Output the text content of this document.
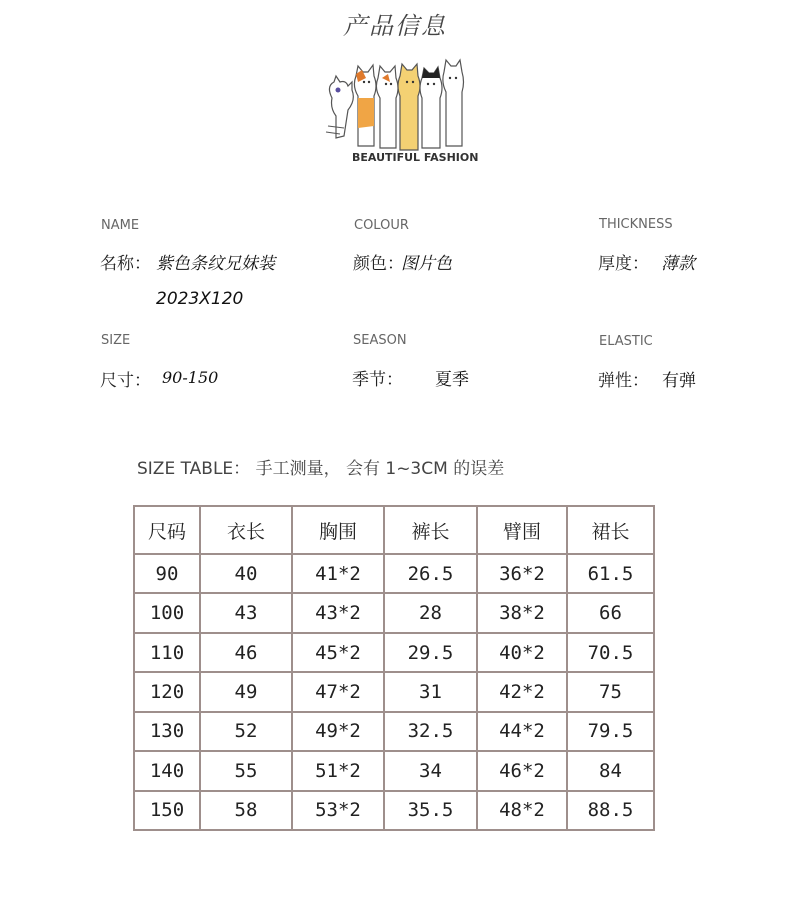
产品信息
BEAUTIFUL FASHION
NAME
名称： 紫色条纹兄妹装
2023X120
COLOUR
颜色：
图片色
THICKNESS
厚度： 薄款
SIZE
尺寸： 90-150
SEASON
季节： 夏季
ELASTIC
弹性： 有弹
SIZE TABLE： 手工测量， 会有 1~3CM 的误差
尺码	衣长	胸围	裤长	臂围	裙长
90	40	41*2	26.5	36*2	61.5
100	43	43*2	28	38*2	66
110	46	45*2	29.5	40*2	70.5
120	49	47*2	31	42*2	75
130	52	49*2	32.5	44*2	79.5
140	55	51*2	34	46*2	84
150	58	53*2	35.5	48*2	88.5
